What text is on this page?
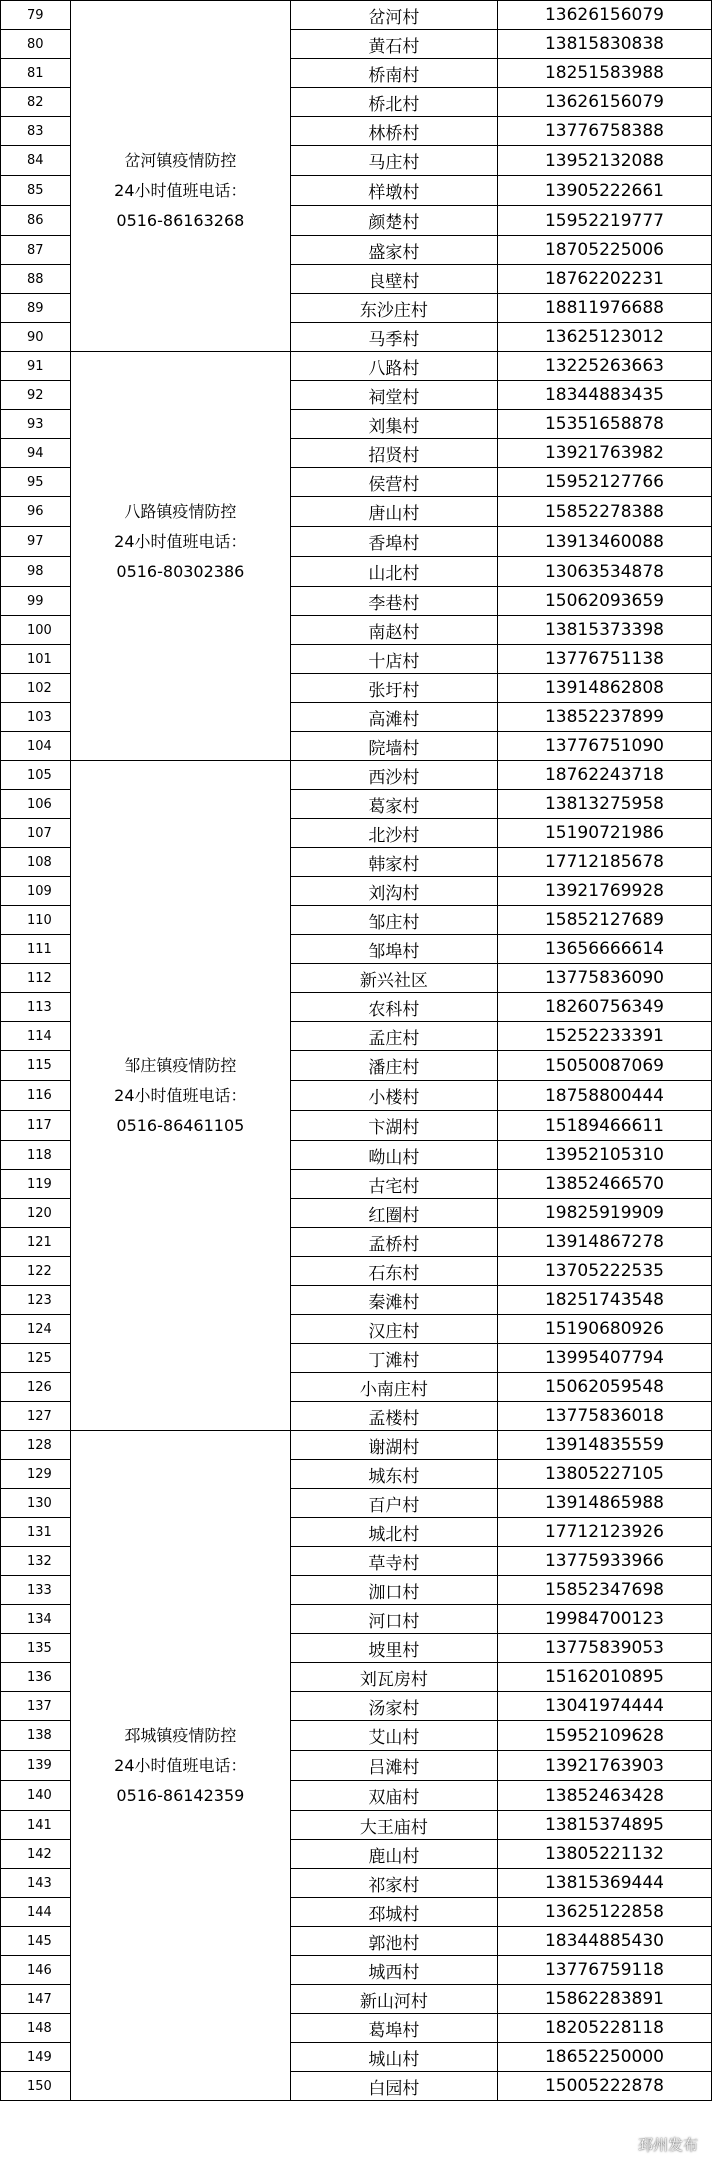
79		岔河村	13626156079
80		黄石村	13815830838
81		桥南村	18251583988
82		桥北村	13626156079
83		林桥村	13776758388
84	岔河镇疫情防控	马庄村	13952132088
85	24小时值班电话：	样墩村	13905222661
86	0516-86163268	颜楚村	15952219777
87		盛家村	18705225006
88		良壁村	18762202231
89		东沙庄村	18811976688
90		马季村	13625123012
91		八路村	13225263663
92		祠堂村	18344883435
93		刘集村	15351658878
94		招贤村	13921763982
95		侯营村	15952127766
96	八路镇疫情防控	唐山村	15852278388
97	24小时值班电话：	香埠村	13913460088
98	0516-80302386	山北村	13063534878
99		李巷村	15062093659
100		南赵村	13815373398
101		十店村	13776751138
102		张圩村	13914862808
103		高滩村	13852237899
104		院墙村	13776751090
105		西沙村	18762243718
106		葛家村	13813275958
107		北沙村	15190721986
108		韩家村	17712185678
109		刘沟村	13921769928
110		邹庄村	15852127689
111		邹埠村	13656666614
112		新兴社区	13775836090
113		农科村	18260756349
114		孟庄村	15252233391
115	邹庄镇疫情防控	潘庄村	15050087069
116	24小时值班电话：	小楼村	18758800444
117	0516-86461105	卞湖村	15189466611
118		呦山村	13952105310
119		古宅村	13852466570
120		红圈村	19825919909
121		孟桥村	13914867278
122		石东村	13705222535
123		秦滩村	18251743548
124		汉庄村	15190680926
125		丁滩村	13995407794
126		小南庄村	15062059548
127		孟楼村	13775836018
128		谢湖村	13914835559
129		城东村	13805227105
130		百户村	13914865988
131		城北村	17712123926
132		草寺村	13775933966
133		泇口村	15852347698
134		河口村	19984700123
135		坡里村	13775839053
136		刘瓦房村	15162010895
137		汤家村	13041974444
138	邳城镇疫情防控	艾山村	15952109628
139	24小时值班电话：	吕滩村	13921763903
140	0516-86142359	双庙村	13852463428
141		大王庙村	13815374895
142		鹿山村	13805221132
143		祁家村	13815369444
144		邳城村	13625122858
145		郭池村	18344885430
146		城西村	13776759118
147		新山河村	15862283891
148		葛埠村	18205228118
149		城山村	18652250000
150		白园村	15005222878
邳州发布
